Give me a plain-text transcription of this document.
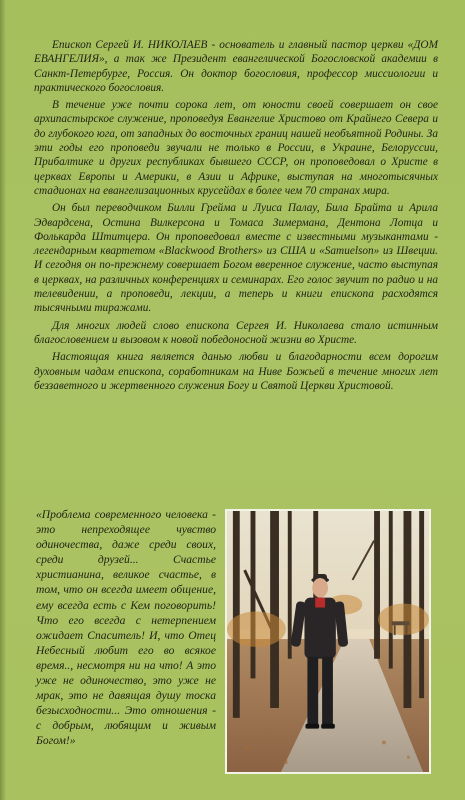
Епископ Сергей И. НИКОЛАЕВ - основатель и главный пастор церкви «ДОМ ЕВАНГЕЛИЯ», а так же Президент евангелической Богословской академии в Санкт-Петербурге, Россия. Он доктор богословия, профессор миссиологии и практического богословия.

В течение уже почти сорока лет, от юности своей совершает он свое архипастырское служение, проповедуя Евангелие Христово от Крайнего Севера и до глубокого юга, от западных до восточных границ нашей необъятной Родины. За эти годы его проповеди звучали не только в России, в Украине, Белоруссии, Прибалтике и других республиках бывшего СССР, он проповедовал о Христе в церквах Европы и Америки, в Азии и Африке, выступая на многотысячных стадионах на евангелизационных крусейдах в более чем 70 странах мира.

Он был переводчиком Билли Грейма и Луиса Палау, Била Брайта и Арила Эдвардсена, Остина Вилкерсона и Томаса Зимермана, Дентона Лотца и Фолькарда Штитцера. Он проповедовал вместе с известными музыкантами - легендарным квартетом «Blackwood Brothers» из США и «Samuelson» из Швеции. И сегодня он по-прежнему совершает Богом вверенное служение, часто выступая в церквах, на различных конференциях и семинарах. Его голос звучит по радио и на телевидении, а проповеди, лекции, а теперь и книги епископа расходятся тысячными тиражами.

Для многих людей слово епископа Сергея И. Николаева стало истинным благословением и вызовом к новой победоносной жизни во Христе.

Настоящая книга является данью любви и благодарности всем дорогим духовным чадам епископа, соработникам на Ниве Божьей в течение многих лет беззаветного и жертвенного служения Богу и Святой Церкви Христовой.

«Проблема современного человека - это непреходящее чувство одиночества, даже среди своих, среди друзей... Счастье христианина, великое счастье, в том, что он всегда имеет общение, ему всегда есть с Кем поговорить! Что его всегда с нетерпением ожидает Спаситель! И, что Отец Небесный любит его во всякое время.., несмотря ни на что! А это уже не одиночество, это уже не мрак, это не давящая душу тоска безысходности... Это отношения - с добрым, любящим и живым Богом!»
